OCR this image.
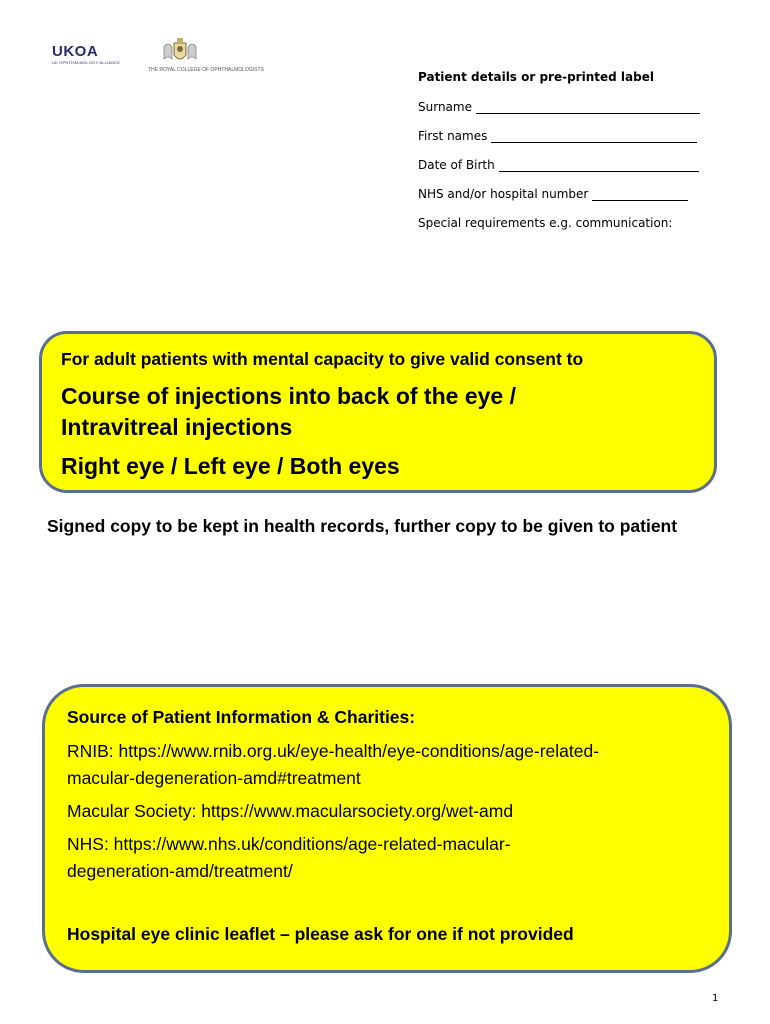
UKOA
UK OPHTHALMOLOGY ALLIANCE
THE ROYAL COLLEGE OF OPHTHALMOLOGISTS	Patient details or pre-printed label
Surname
First names
Date of Birth
NHS and/or hospital number
Special requirements e.g. communication:
For adult patients with mental capacity to give valid consent to
Course of injections into back of the eye /
Intravitreal injections
Right eye / Left eye / Both eyes
Signed copy to be kept in health records, further copy to be given to patient
Source of Patient Information & Charities:
RNIB: https://www.rnib.org.uk/eye-health/eye-conditions/age-related-
macular-degeneration-amd#treatment
Macular Society: https://www.macularsociety.org/wet-amd
NHS: https://www.nhs.uk/conditions/age-related-macular-
degeneration-amd/treatment/
Hospital eye clinic leaflet – please ask for one if not provided
1
